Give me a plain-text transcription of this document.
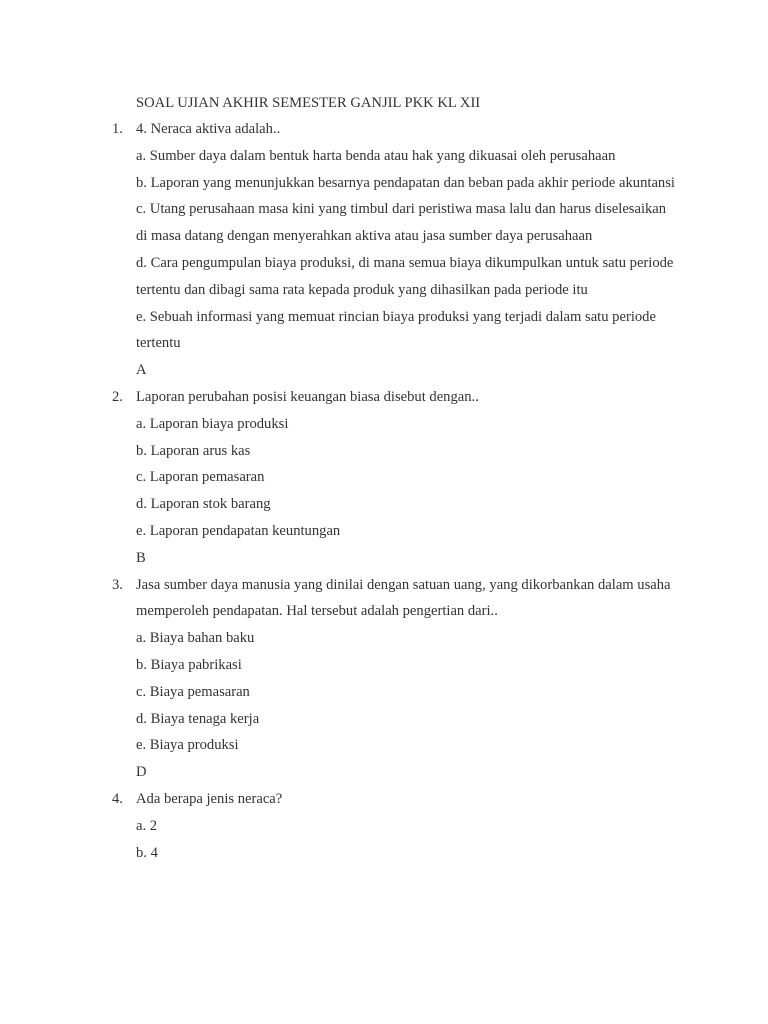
SOAL UJIAN AKHIR SEMESTER GANJIL PKK KL XII
1. 4. Neraca aktiva adalah..
a. Sumber daya dalam bentuk harta benda atau hak yang dikuasai oleh perusahaan
b. Laporan yang menunjukkan besarnya pendapatan dan beban pada akhir periode akuntansi
c. Utang perusahaan masa kini yang timbul dari peristiwa masa lalu dan harus diselesaikan di masa datang dengan menyerahkan aktiva atau jasa sumber daya perusahaan
d. Cara pengumpulan biaya produksi, di mana semua biaya dikumpulkan untuk satu periode tertentu dan dibagi sama rata kepada produk yang dihasilkan pada periode itu
e. Sebuah informasi yang memuat rincian biaya produksi yang terjadi dalam satu periode tertentu
A
2. Laporan perubahan posisi keuangan biasa disebut dengan..
a. Laporan biaya produksi
b. Laporan arus kas
c. Laporan pemasaran
d. Laporan stok barang
e. Laporan pendapatan keuntungan
B
3. Jasa sumber daya manusia yang dinilai dengan satuan uang, yang dikorbankan dalam usaha memperoleh pendapatan. Hal tersebut adalah pengertian dari..
a. Biaya bahan baku
b. Biaya pabrikasi
c. Biaya pemasaran
d. Biaya tenaga kerja
e. Biaya produksi
D
4. Ada berapa jenis neraca?
a. 2
b. 4
